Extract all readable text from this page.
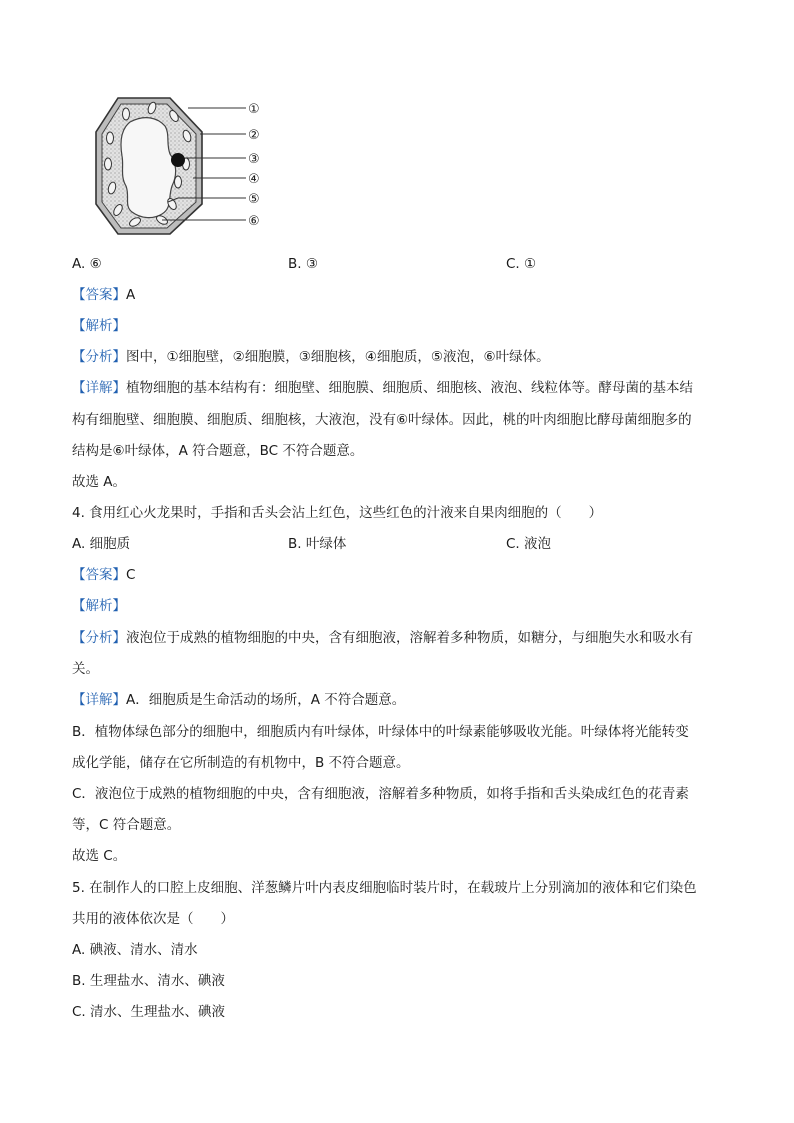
①
②
③
④
⑤
⑥
A. ⑥	B. ③	C. ①
【答案】A
【解析】
【分析】图中，①细胞壁，②细胞膜，③细胞核，④细胞质，⑤液泡，⑥叶绿体。
【详解】植物细胞的基本结构有：细胞壁、细胞膜、细胞质、细胞核、液泡、线粒体等。酵母菌的基本结
构有细胞壁、细胞膜、细胞质、细胞核，大液泡，没有⑥叶绿体。因此，桃的叶肉细胞比酵母菌细胞多的
结构是⑥叶绿体，A 符合题意，BC 不符合题意。
故选 A。
4. 食用红心火龙果时，手指和舌头会沾上红色，这些红色的汁液来自果肉细胞的（　　）
A. 细胞质	B. 叶绿体	C. 液泡
【答案】C
【解析】
【分析】液泡位于成熟的植物细胞的中央，含有细胞液，溶解着多种物质，如糖分，与细胞失水和吸水有
关。
【详解】A．细胞质是生命活动的场所，A 不符合题意。
B．植物体绿色部分的细胞中，细胞质内有叶绿体，叶绿体中的叶绿素能够吸收光能。叶绿体将光能转变
成化学能，储存在它所制造的有机物中，B 不符合题意。
C．液泡位于成熟的植物细胞的中央，含有细胞液，溶解着多种物质，如将手指和舌头染成红色的花青素
等，C 符合题意。
故选 C。
5. 在制作人的口腔上皮细胞、洋葱鳞片叶内表皮细胞临时装片时，在载玻片上分别滴加的液体和它们染色
共用的液体依次是（　　）
A. 碘液、清水、清水
B. 生理盐水、清水、碘液
C. 清水、生理盐水、碘液
